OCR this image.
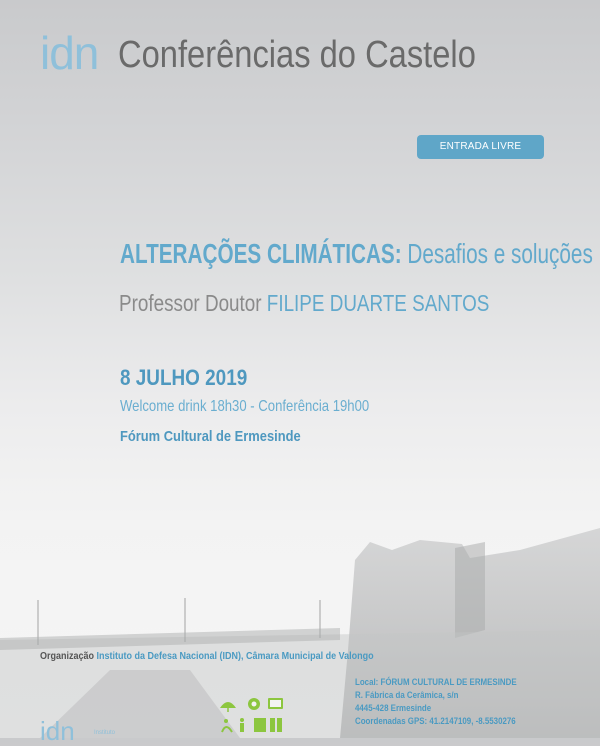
idn Conferências do Castelo
ENTRADA LIVRE
ALTERAÇÕES CLIMÁTICAS: Desafios e soluções
Professor Doutor FILIPE DUARTE SANTOS
8 JULHO 2019
Welcome drink 18h30 - Conferência 19h00
Fórum Cultural de Ermesinde
Organização Instituto da Defesa Nacional (IDN), Câmara Municipal de Valongo
Local: FÓRUM CULTURAL DE ERMESINDE
R. Fábrica da Cerâmica, s/n
4445-428 Ermesinde
Coordenadas GPS: 41.2147109, -8.5530276
idn	Instituto
